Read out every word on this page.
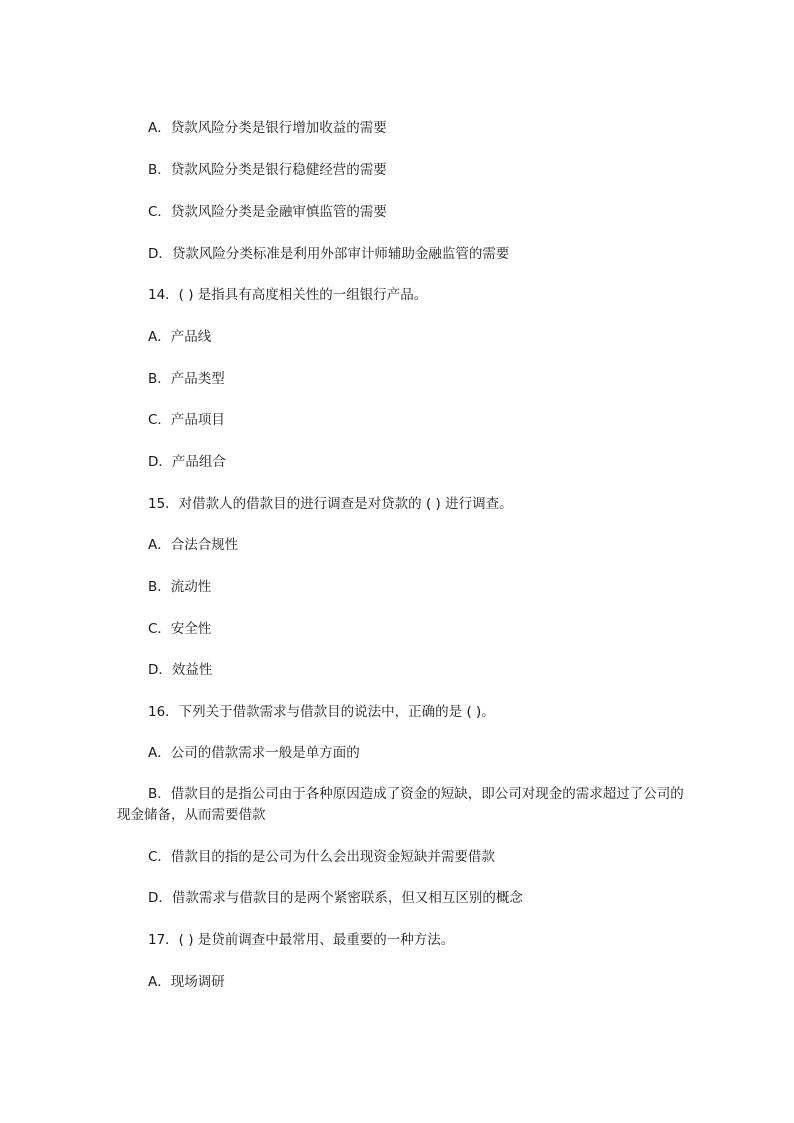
A．贷款风险分类是银行增加收益的需要
B．贷款风险分类是银行稳健经营的需要
C．贷款风险分类是金融审慎监管的需要
D．贷款风险分类标准是利用外部审计师辅助金融监管的需要
14．( ) 是指具有高度相关性的一组银行产品。
A．产品线
B．产品类型
C．产品项目
D．产品组合
15．对借款人的借款目的进行调查是对贷款的 ( ) 进行调查。
A．合法合规性
B．流动性
C．安全性
D．效益性
16．下列关于借款需求与借款目的说法中，正确的是 ( )。
A．公司的借款需求一般是单方面的
B．借款目的是指公司由于各种原因造成了资金的短缺，即公司对现金的需求超过了公司的现金储备，从而需要借款
C．借款目的指的是公司为什么会出现资金短缺并需要借款
D．借款需求与借款目的是两个紧密联系，但又相互区别的概念
17．( ) 是贷前调查中最常用、最重要的一种方法。
A．现场调研
